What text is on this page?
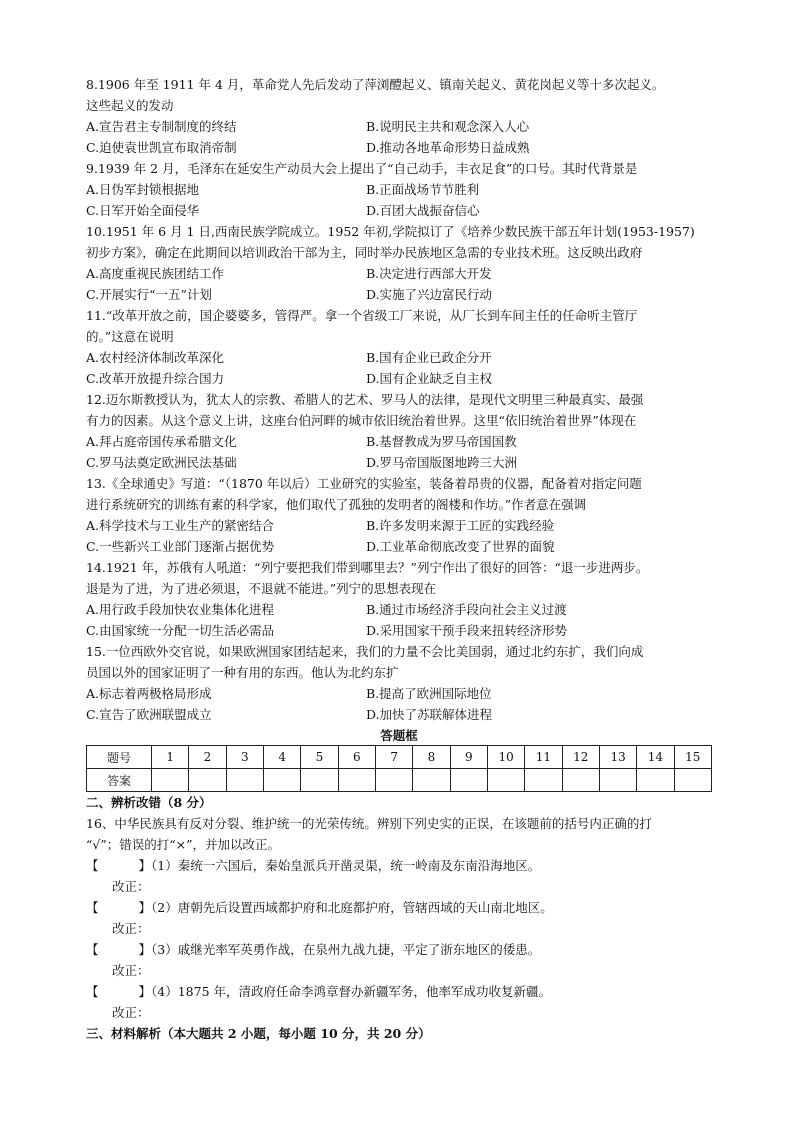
8.1906 年至 1911 年 4 月，革命党人先后发动了萍浏醴起义、镇南关起义、黄花岗起义等十多次起义。
这些起义的发动
A.宣告君主专制制度的终结	B.说明民主共和观念深入人心
C.迫使袁世凯宣布取消帝制	D.推动各地革命形势日益成熟
9.1939 年 2 月，毛泽东在延安生产动员大会上提出了“自己动手，丰衣足食”的口号。其时代背景是
A.日伪军封锁根据地	B.正面战场节节胜利
C.日军开始全面侵华	D.百团大战振奋信心
10.1951 年 6 月 1 日,西南民族学院成立。1952 年初,学院拟订了《培养少数民族干部五年计划(1953-1957)
初步方案》，确定在此期间以培训政治干部为主，同时举办民族地区急需的专业技术班。这反映出政府
A.高度重视民族团结工作	B.决定进行西部大开发
C.开展实行“一五”计划	D.实施了兴边富民行动
11.“改革开放之前，国企婆婆多，管得严。拿一个省级工厂来说，从厂长到车间主任的任命听主管厅
的。”这意在说明
A.农村经济体制改革深化	B.国有企业已政企分开
C.改革开放提升综合国力	D.国有企业缺乏自主权
12.迈尔斯教授认为，犹太人的宗教、希腊人的艺术、罗马人的法律，是现代文明里三种最真实、最强
有力的因素。从这个意义上讲，这座台伯河畔的城市依旧统治着世界。这里“依旧统治着世界”体现在
A.拜占庭帝国传承希腊文化	B.基督教成为罗马帝国国教
C.罗马法奠定欧洲民法基础	D.罗马帝国版图地跨三大洲
13.《全球通史》写道：“（1870 年以后）工业研究的实验室，装备着昂贵的仪器，配备着对指定问题
进行系统研究的训练有素的科学家，他们取代了孤独的发明者的阁楼和作坊。”作者意在强调
A.科学技术与工业生产的紧密结合	B.许多发明来源于工匠的实践经验
C.一些新兴工业部门逐渐占据优势	D.工业革命彻底改变了世界的面貌
14.1921 年，苏俄有人吼道：“列宁要把我们带到哪里去？”列宁作出了很好的回答：“退一步进两步。
退是为了进，为了进必须退，不退就不能进。”列宁的思想表现在
A.用行政手段加快农业集体化进程	B.通过市场经济手段向社会主义过渡
C.由国家统一分配一切生活必需品	D.采用国家干预手段来扭转经济形势
15.一位西欧外交官说，如果欧洲国家团结起来，我们的力量不会比美国弱，通过北约东扩，我们向成
员国以外的国家证明了一种有用的东西。他认为北约东扩
A.标志着两极格局形成	B.提高了欧洲国际地位
C.宣告了欧洲联盟成立	D.加快了苏联解体进程
答题框
题号	1	2	3	4	5	6	7	8	9	10	11	12	13	14	15
答案															
二、辨析改错（8 分）
16、中华民族具有反对分裂、维护统一的光荣传统。辨别下列史实的正误，在该题前的括号内正确的打
“√”；错误的打“×”，并加以改正。
【	】（1）秦统一六国后，秦始皇派兵开凿灵渠，统一岭南及东南沿海地区。
改正：
【	】（2）唐朝先后设置西域都护府和北庭都护府，管辖西域的天山南北地区。
改正：
【	】（3）戚继光率军英勇作战，在泉州九战九捷，平定了浙东地区的倭患。
改正：
【	】（4）1875 年，清政府任命李鸿章督办新疆军务，他率军成功收复新疆。
改正：
三、材料解析（本大题共 2 小题，每小题 10 分，共 20 分）
